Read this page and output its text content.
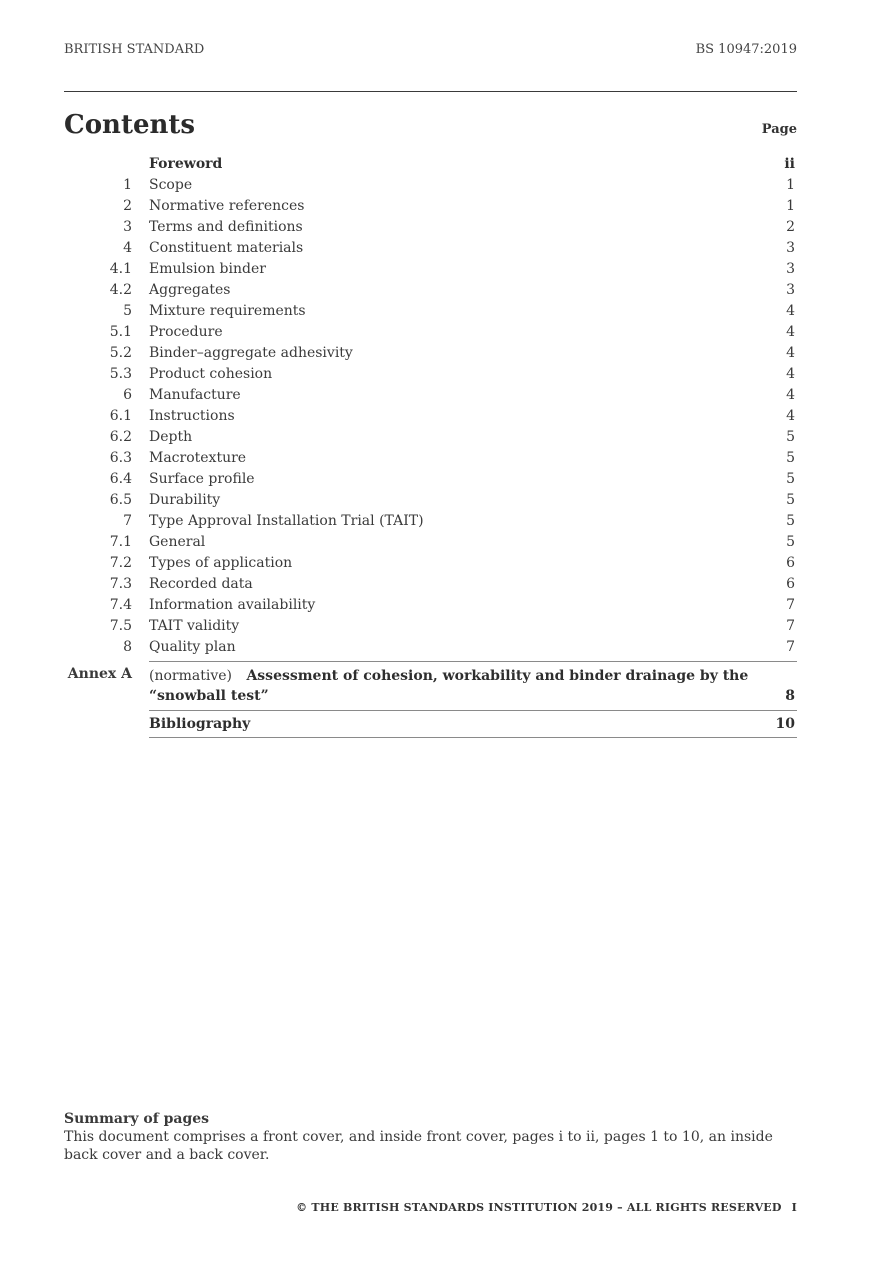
BRITISH STANDARD	BS 10947:2019
Contents	Page
Foreword	ii
1 Scope	1
2 Normative references	1
3 Terms and definitions	2
4 Constituent materials	3
4.1 Emulsion binder	3
4.2 Aggregates	3
5 Mixture requirements	4
5.1 Procedure	4
5.2 Binder–aggregate adhesivity	4
5.3 Product cohesion	4
6 Manufacture	4
6.1 Instructions	4
6.2 Depth	5
6.3 Macrotexture	5
6.4 Surface profile	5
6.5 Durability	5
7 Type Approval Installation Trial (TAIT)	5
7.1 General	5
7.2 Types of application	6
7.3 Recorded data	6
7.4 Information availability	7
7.5 TAIT validity	7
8 Quality plan	7
Annex A (normative) Assessment of cohesion, workability and binder drainage by the
“snowball test”	8
Bibliography	10
Summary of pages
This document comprises a front cover, and inside front cover, pages i to ii, pages 1 to 10, an inside back cover and a back cover.
© THE BRITISH STANDARDS INSTITUTION 2019 – ALL RIGHTS RESERVED I
